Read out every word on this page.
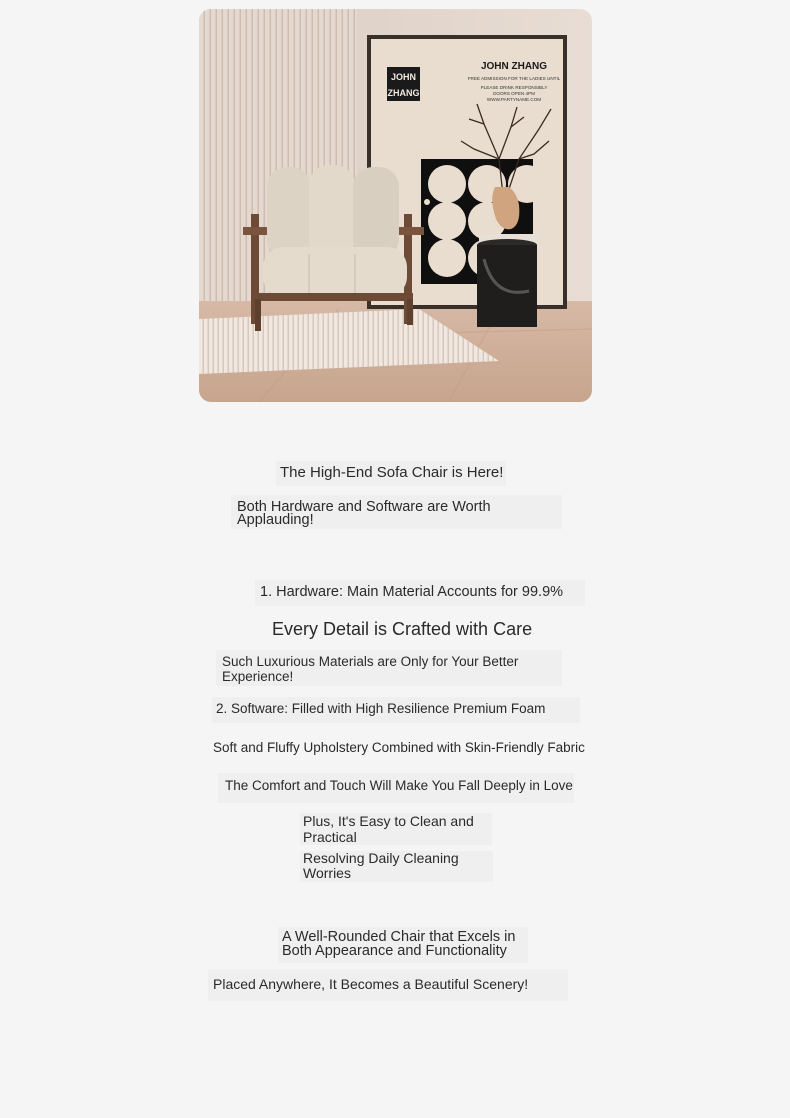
JOHN
ZHANG
JOHN ZHANG
FREE ADMISSION FOR THE LADIES UNTIL
PLEASE DRINK RESPONSIBLY
DOORS OPEN 4PM
WWW.PARTYNAME.COM
The High-End Sofa Chair is Here!
Both Hardware and Software are Worth Applauding!
1. Hardware: Main Material Accounts for 99.9%
Every Detail is Crafted with Care
Such Luxurious Materials are Only for Your Better Experience!
2. Software: Filled with High Resilience Premium Foam
Soft and Fluffy Upholstery Combined with Skin-Friendly Fabric
The Comfort and Touch Will Make You Fall Deeply in Love
Plus, It's Easy to Clean and Practical
Resolving Daily Cleaning Worries
A Well-Rounded Chair that Excels in Both Appearance and Functionality
Placed Anywhere, It Becomes a Beautiful Scenery!
